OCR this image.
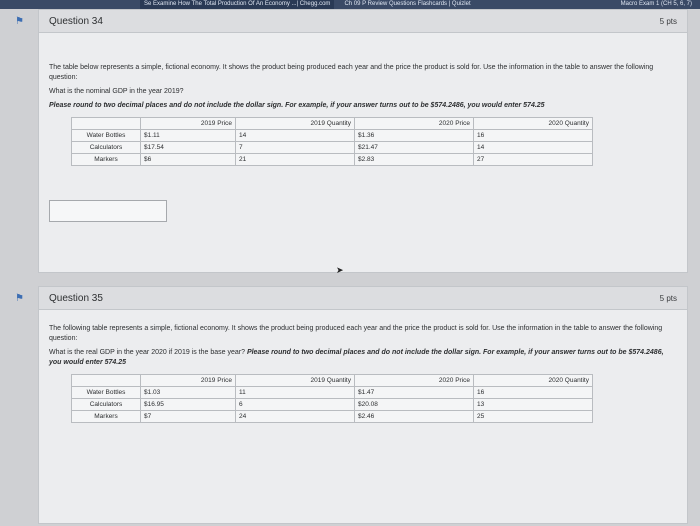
Se Examine How The Total Production Of An Economy ...| Chegg.com	Ch 09 P Review Questions Flashcards | Quizlet	Macro Exam 1 (CH 5, 6, 7)
⚑	Question 34	5 pts

The table below represents a simple, fictional economy. It shows the product being produced each year and the price the product is sold for. Use the information in the table to answer the following question:

What is the nominal GDP in the year 2019?

Please round to two decimal places and do not include the dollar sign. For example, if your answer turns out to be $574.2486, you would enter 574.25

	2019 Price	2019 Quantity	2020 Price	2020 Quantity
Water Bottles	$1.11	14	$1.36	16
Calculators	$17.54	7	$21.47	14
Markers	$6	21	$2.83	27
➤
⚑	Question 35	5 pts

The following table represents a simple, fictional economy. It shows the product being produced each year and the price the product is sold for. Use the information in the table to answer the following question:

What is the real GDP in the year 2020 if 2019 is the base year? Please round to two decimal places and do not include the dollar sign. For example, if your answer turns out to be $574.2486, you would enter 574.25

	2019 Price	2019 Quantity	2020 Price	2020 Quantity
Water Bottles	$1.03	11	$1.47	16
Calculators	$16.95	6	$20.08	13
Markers	$7	24	$2.46	25
